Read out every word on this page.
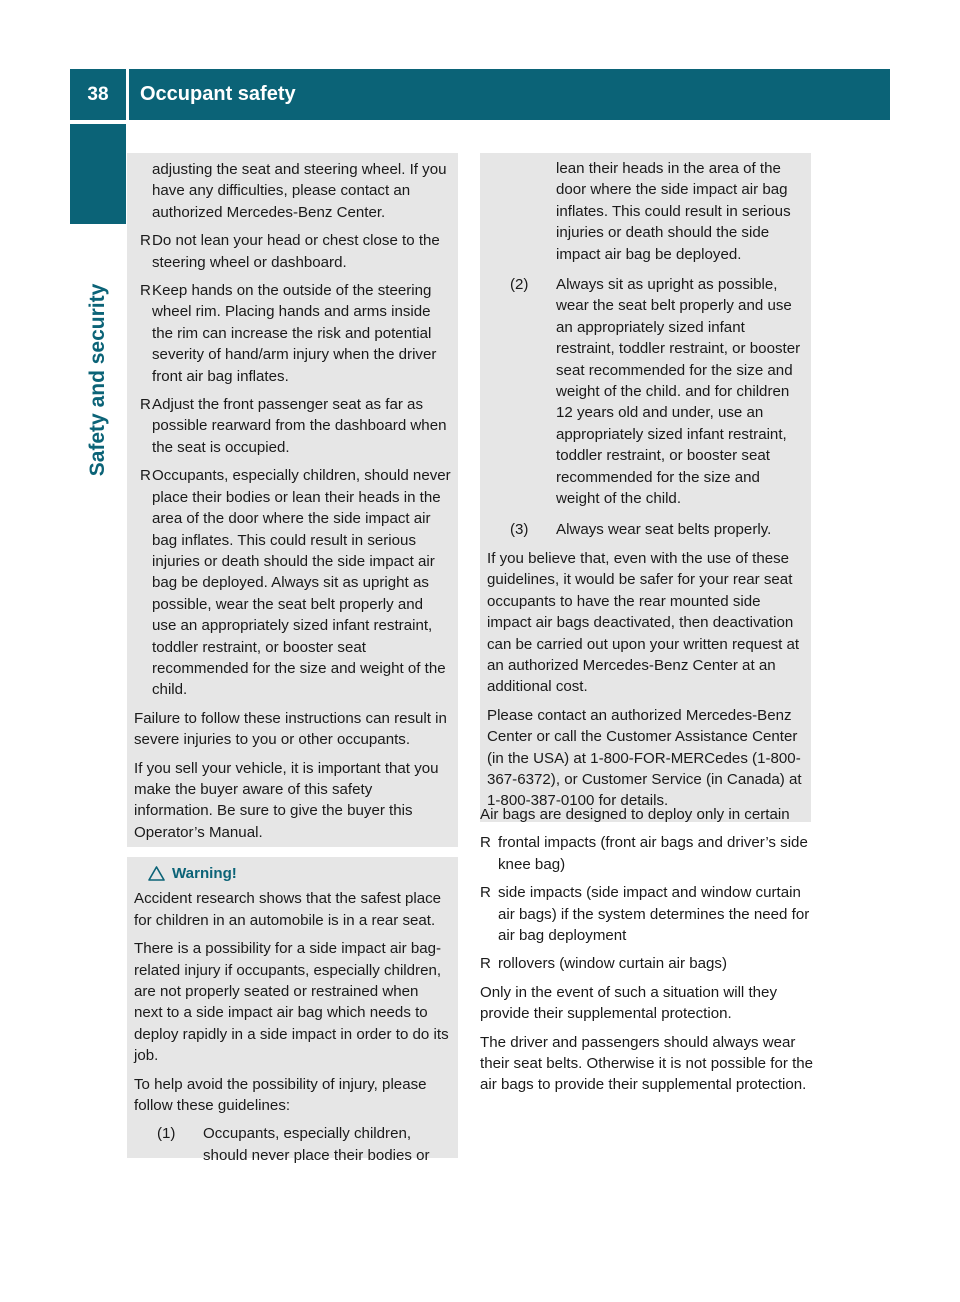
38	Occupant safety
Safety and security
adjusting the seat and steering wheel. If you have any difficulties, please contact an authorized Mercedes-Benz Center.
R Do not lean your head or chest close to the steering wheel or dashboard.
R Keep hands on the outside of the steering wheel rim. Placing hands and arms inside the rim can increase the risk and potential severity of hand/arm injury when the driver front air bag inflates.
R Adjust the front passenger seat as far as possible rearward from the dashboard when the seat is occupied.
R Occupants, especially children, should never place their bodies or lean their heads in the area of the door where the side impact air bag inflates. This could result in serious injuries or death should the side impact air bag be deployed. Always sit as upright as possible, wear the seat belt properly and use an appropriately sized infant restraint, toddler restraint, or booster seat recommended for the size and weight of the child.

Failure to follow these instructions can result in severe injuries to you or other occupants.

If you sell your vehicle, it is important that you make the buyer aware of this safety information. Be sure to give the buyer this Operator’s Manual.

Warning!

Accident research shows that the safest place for children in an automobile is in a rear seat.

There is a possibility for a side impact air bag-related injury if occupants, especially children, are not properly seated or restrained when next to a side impact air bag which needs to deploy rapidly in a side impact in order to do its job.

To help avoid the possibility of injury, please follow these guidelines:

(1)	Occupants, especially children, should never place their bodies or
lean their heads in the area of the door where the side impact air bag inflates. This could result in serious injuries or death should the side impact air bag be deployed.
(2)	Always sit as upright as possible, wear the seat belt properly and use an appropriately sized infant restraint, toddler restraint, or booster seat recommended for the size and weight of the child. and for children 12 years old and under, use an appropriately sized infant restraint, toddler restraint, or booster seat recommended for the size and weight of the child.
(3)	Always wear seat belts properly.

If you believe that, even with the use of these guidelines, it would be safer for your rear seat occupants to have the rear mounted side impact air bags deactivated, then deactivation can be carried out upon your written request at an authorized Mercedes-Benz Center at an additional cost.

Please contact an authorized Mercedes-Benz Center or call the Customer Assistance Center (in the USA) at 1-800-FOR-MERCedes (1-800-367-6372), or Customer Service (in Canada) at 1-800-387-0100 for details.

Air bags are designed to deploy only in certain

R frontal impacts (front air bags and driver’s side knee bag)
R side impacts (side impact and window curtain air bags) if the system determines the need for air bag deployment
R rollovers (window curtain air bags)

Only in the event of such a situation will they provide their supplemental protection.

The driver and passengers should always wear their seat belts. Otherwise it is not possible for the air bags to provide their supplemental protection.
